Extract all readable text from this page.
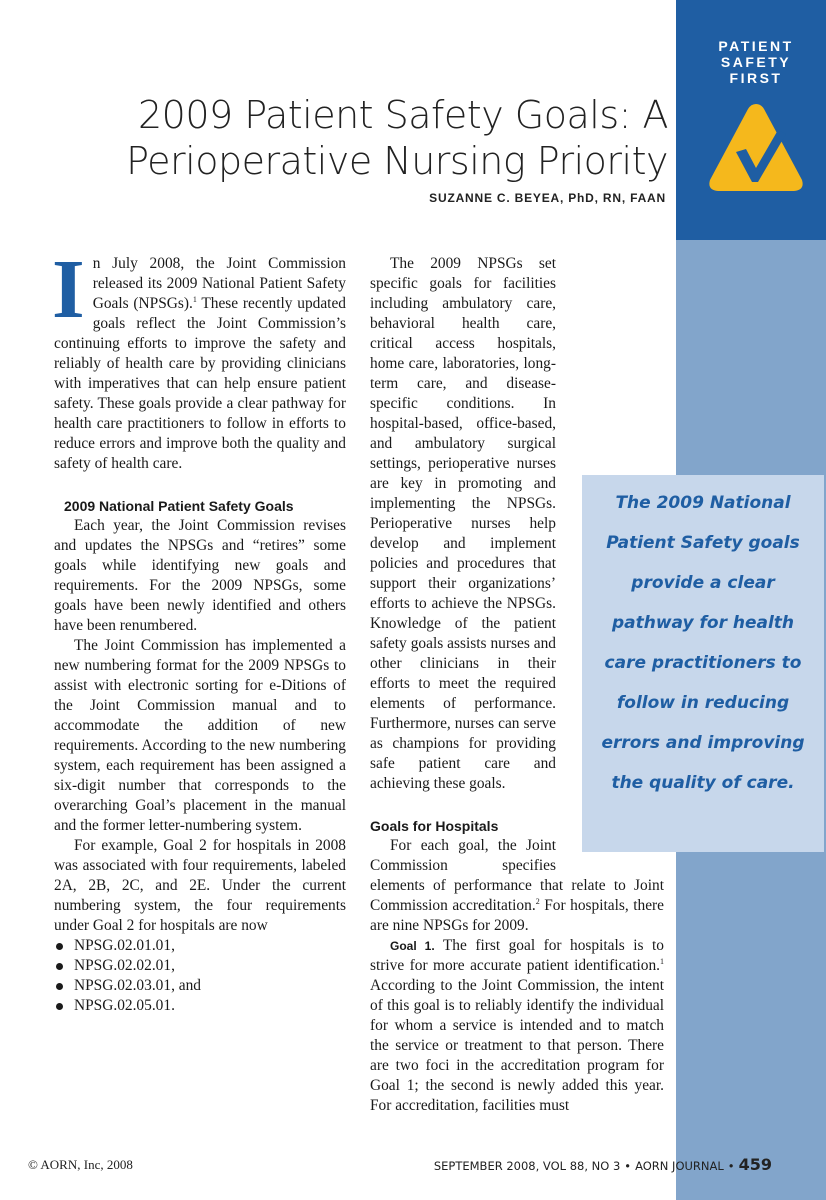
PATIENT
SAFETY
FIRST
2009 Patient Safety Goals: A
Perioperative Nursing Priority
SUZANNE C. BEYEA, PhD, RN, FAAN

In July 2008, the Joint Commission released its 2009 National Patient Safety Goals (NPSGs).$^1$ These recently updated goals reflect the Joint Commission’s continuing efforts to improve the safety and reliably of health care by providing clinicians with imperatives that can help ensure patient safety. These goals provide a clear pathway for health care practitioners to follow in efforts to reduce errors and improve both the quality and safety of health care.

2009 National Patient Safety Goals

Each year, the Joint Commission revises and updates the NPSGs and “retires” some goals while identifying new goals and requirements. For the 2009 NPSGs, some goals have been newly identified and others have been renumbered.

The Joint Commission has implemented a new numbering format for the 2009 NPSGs to assist with electronic sorting for e-Ditions of the Joint Commission manual and to accommodate the addition of new requirements. According to the new numbering system, each requirement has been assigned a six-digit number that corresponds to the overarching Goal’s placement in the manual and the former letter-numbering system.

For example, Goal 2 for hospitals in 2008 was associated with four requirements, labeled 2A, 2B, 2C, and 2E. Under the current numbering system, the four requirements under Goal 2 for hospitals are now

NPSG.02.01.01,
NPSG.02.02.01,
NPSG.02.03.01, and
NPSG.02.05.01.

The 2009 NPSGs set specific goals for facilities including ambulatory care, behavioral health care, critical access hospitals, home care, laboratories, long-term care, and disease-specific conditions. In hospital-based, office-based, and ambulatory surgical settings, perioperative nurses are key in promoting and implementing the NPSGs. Perioperative nurses help develop and implement policies and procedures that support their organizations’ efforts to achieve the NPSGs. Knowledge of the patient safety goals assists nurses and other clinicians in their efforts to meet the required elements of performance. Furthermore, nurses can serve as champions for providing safe patient care and achieving these goals.

Goals for Hospitals

For each goal, the Joint Commission specifies elements of performance that relate to Joint Commission accreditation.$^2$ For hospitals, there are nine NPSGs for 2009.

Goal 1. The first goal for hospitals is to strive for more accurate patient identification.$^1$ According to the Joint Commission, the intent of this goal is to reliably identify the individual for whom a service is intended and to match the service or treatment to that person. There are two foci in the accreditation program for Goal 1; the second is newly added this year. For accreditation, facilities must

The 2009 National Patient Safety goals provide a clear pathway for health care practitioners to follow in reducing errors and improving the quality of care.

© AORN, Inc, 2008	SEPTEMBER 2008, VOL 88, NO 3 • AORN JOURNAL • 459
